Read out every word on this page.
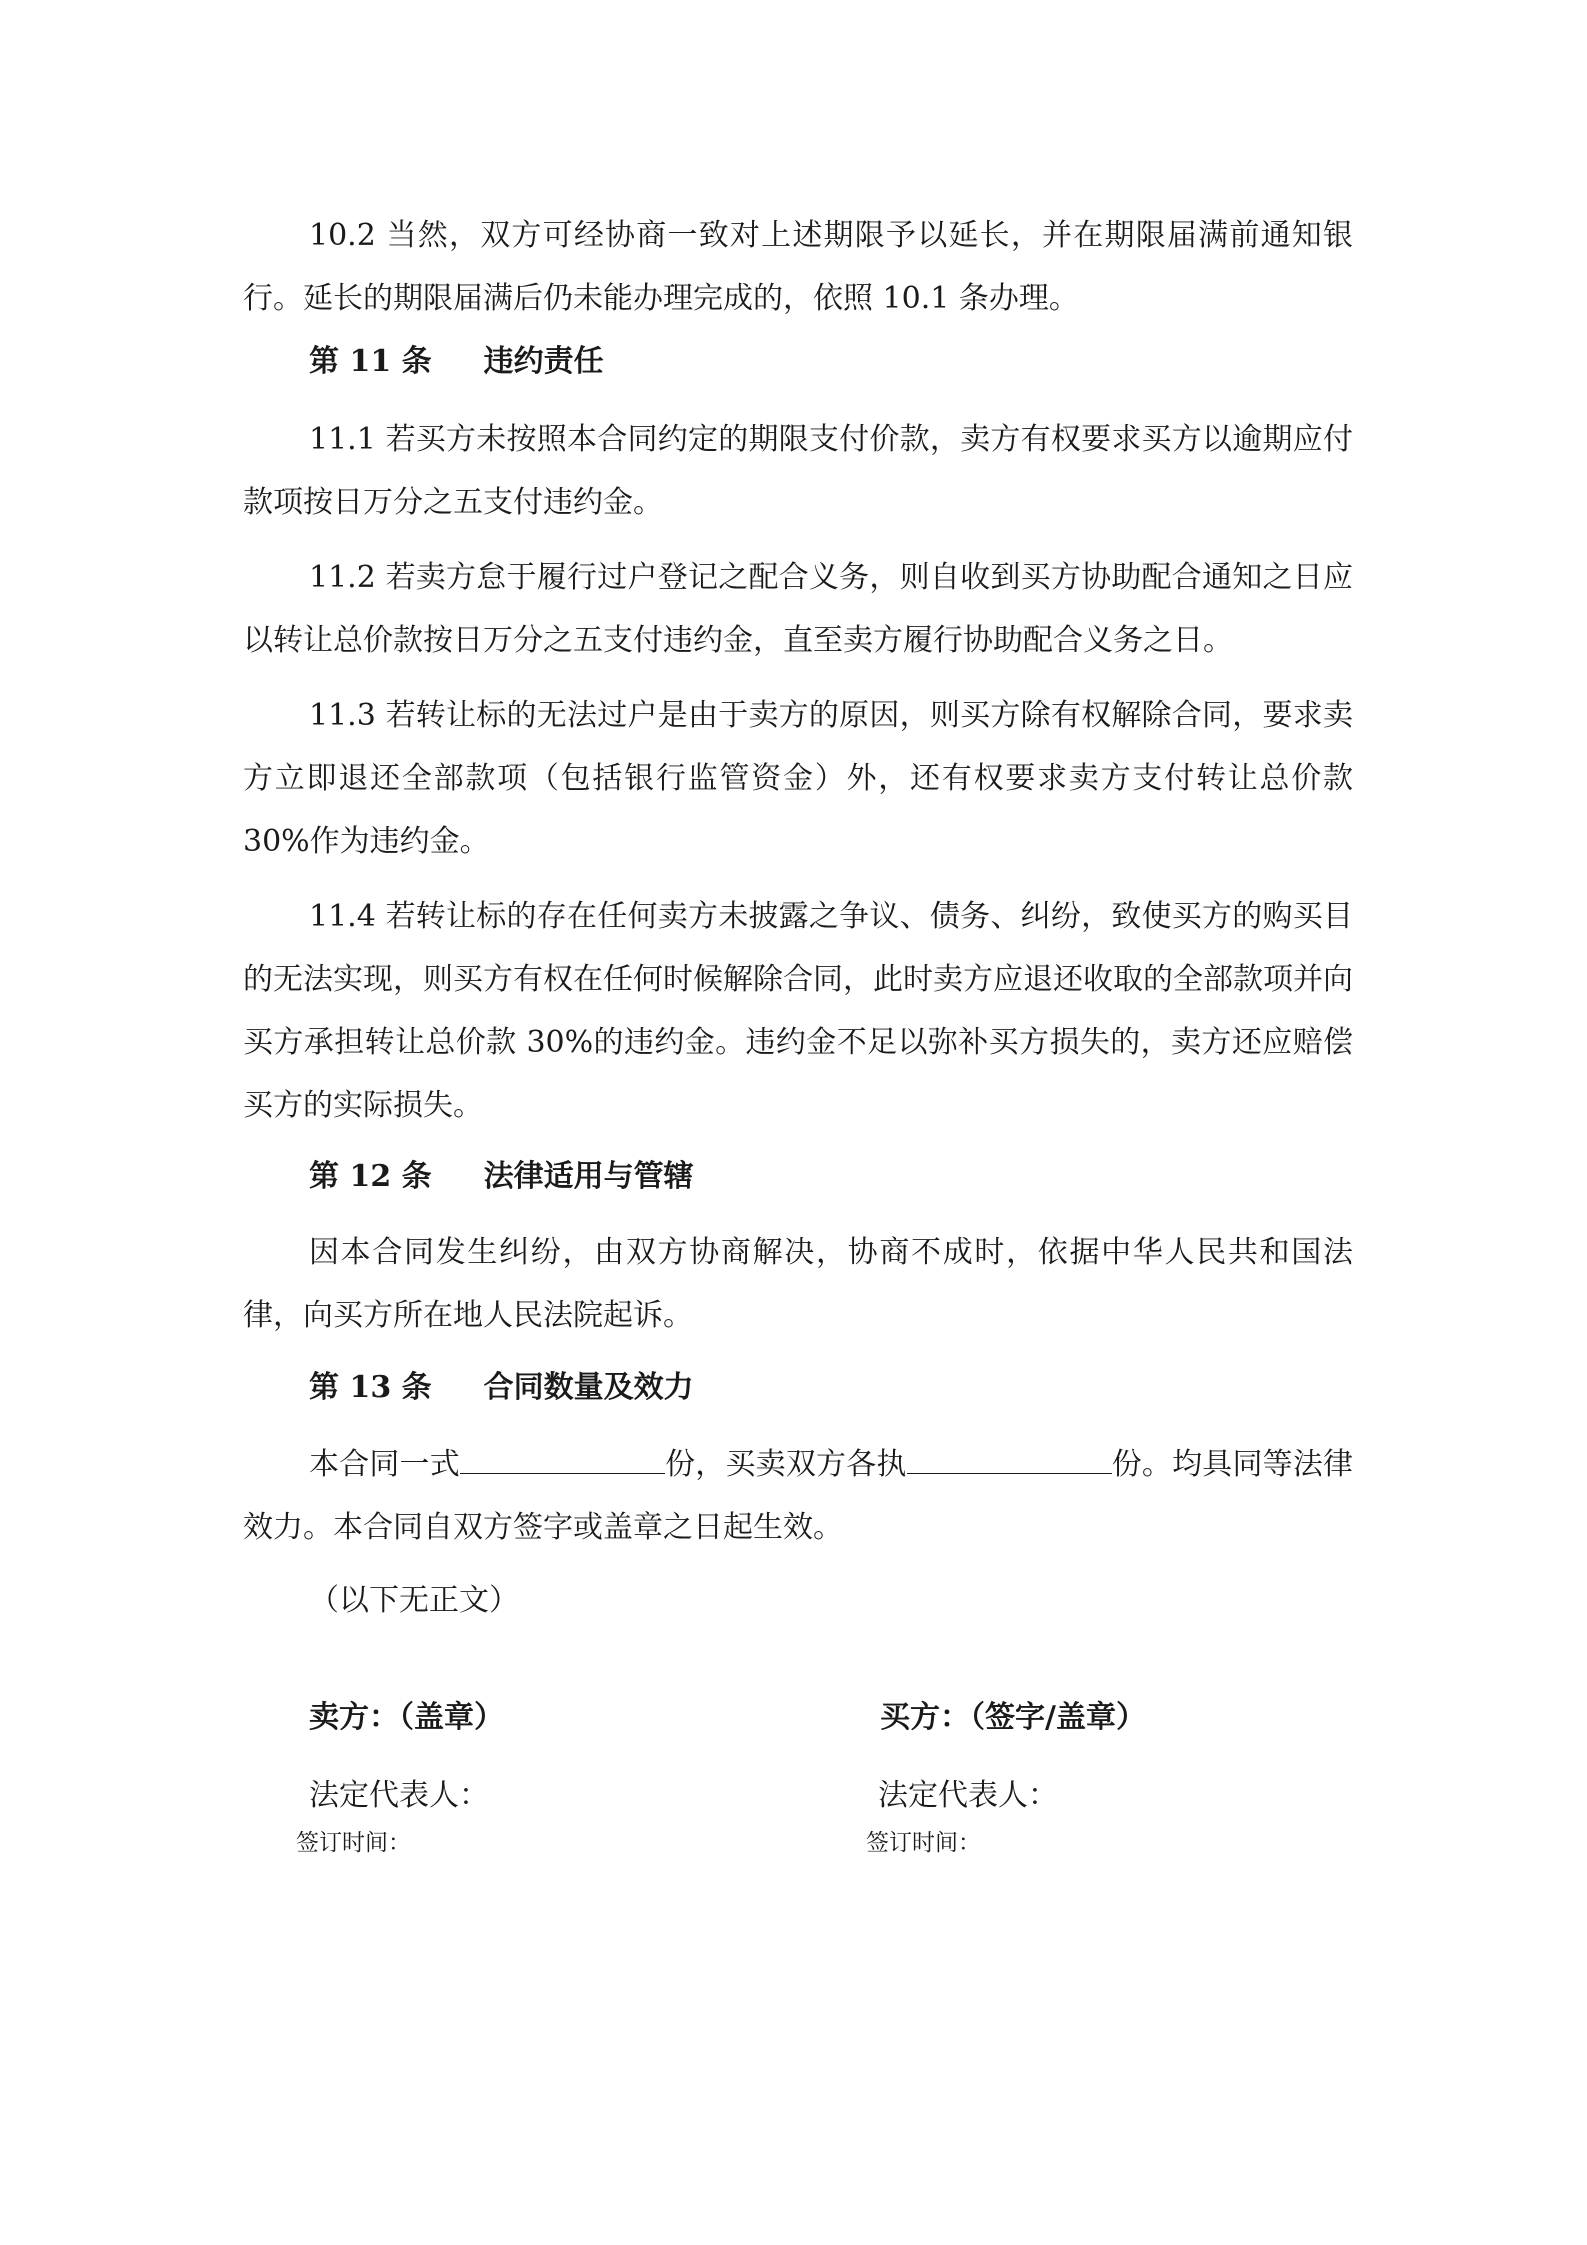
10.2 当然，双方可经协商一致对上述期限予以延长，并在期限届满前通知银行。延长的期限届满后仍未能办理完成的，依照 10.1 条办理。

第 11 条 违约责任

11.1 若买方未按照本合同约定的期限支付价款，卖方有权要求买方以逾期应付款项按日万分之五支付违约金。

11.2 若卖方怠于履行过户登记之配合义务，则自收到买方协助配合通知之日应以转让总价款按日万分之五支付违约金，直至卖方履行协助配合义务之日。

11.3 若转让标的无法过户是由于卖方的原因，则买方除有权解除合同，要求卖方立即退还全部款项（包括银行监管资金）外，还有权要求卖方支付转让总价款 30%作为违约金。

11.4 若转让标的存在任何卖方未披露之争议、债务、纠纷，致使买方的购买目的无法实现，则买方有权在任何时候解除合同，此时卖方应退还收取的全部款项并向买方承担转让总价款 30%的违约金。违约金不足以弥补买方损失的，卖方还应赔偿买方的实际损失。

第 12 条 法律适用与管辖

因本合同发生纠纷，由双方协商解决，协商不成时，依据中华人民共和国法律，向买方所在地人民法院起诉。

第 13 条 合同数量及效力

本合同一式	份，买卖双方各执	份。均具同等法律效力。本合同自双方签字或盖章之日起生效。

（以下无正文）

卖方：（盖章）

法定代表人：

签订时间：

买方：（签字/盖章）

法定代表人：

签订时间：
